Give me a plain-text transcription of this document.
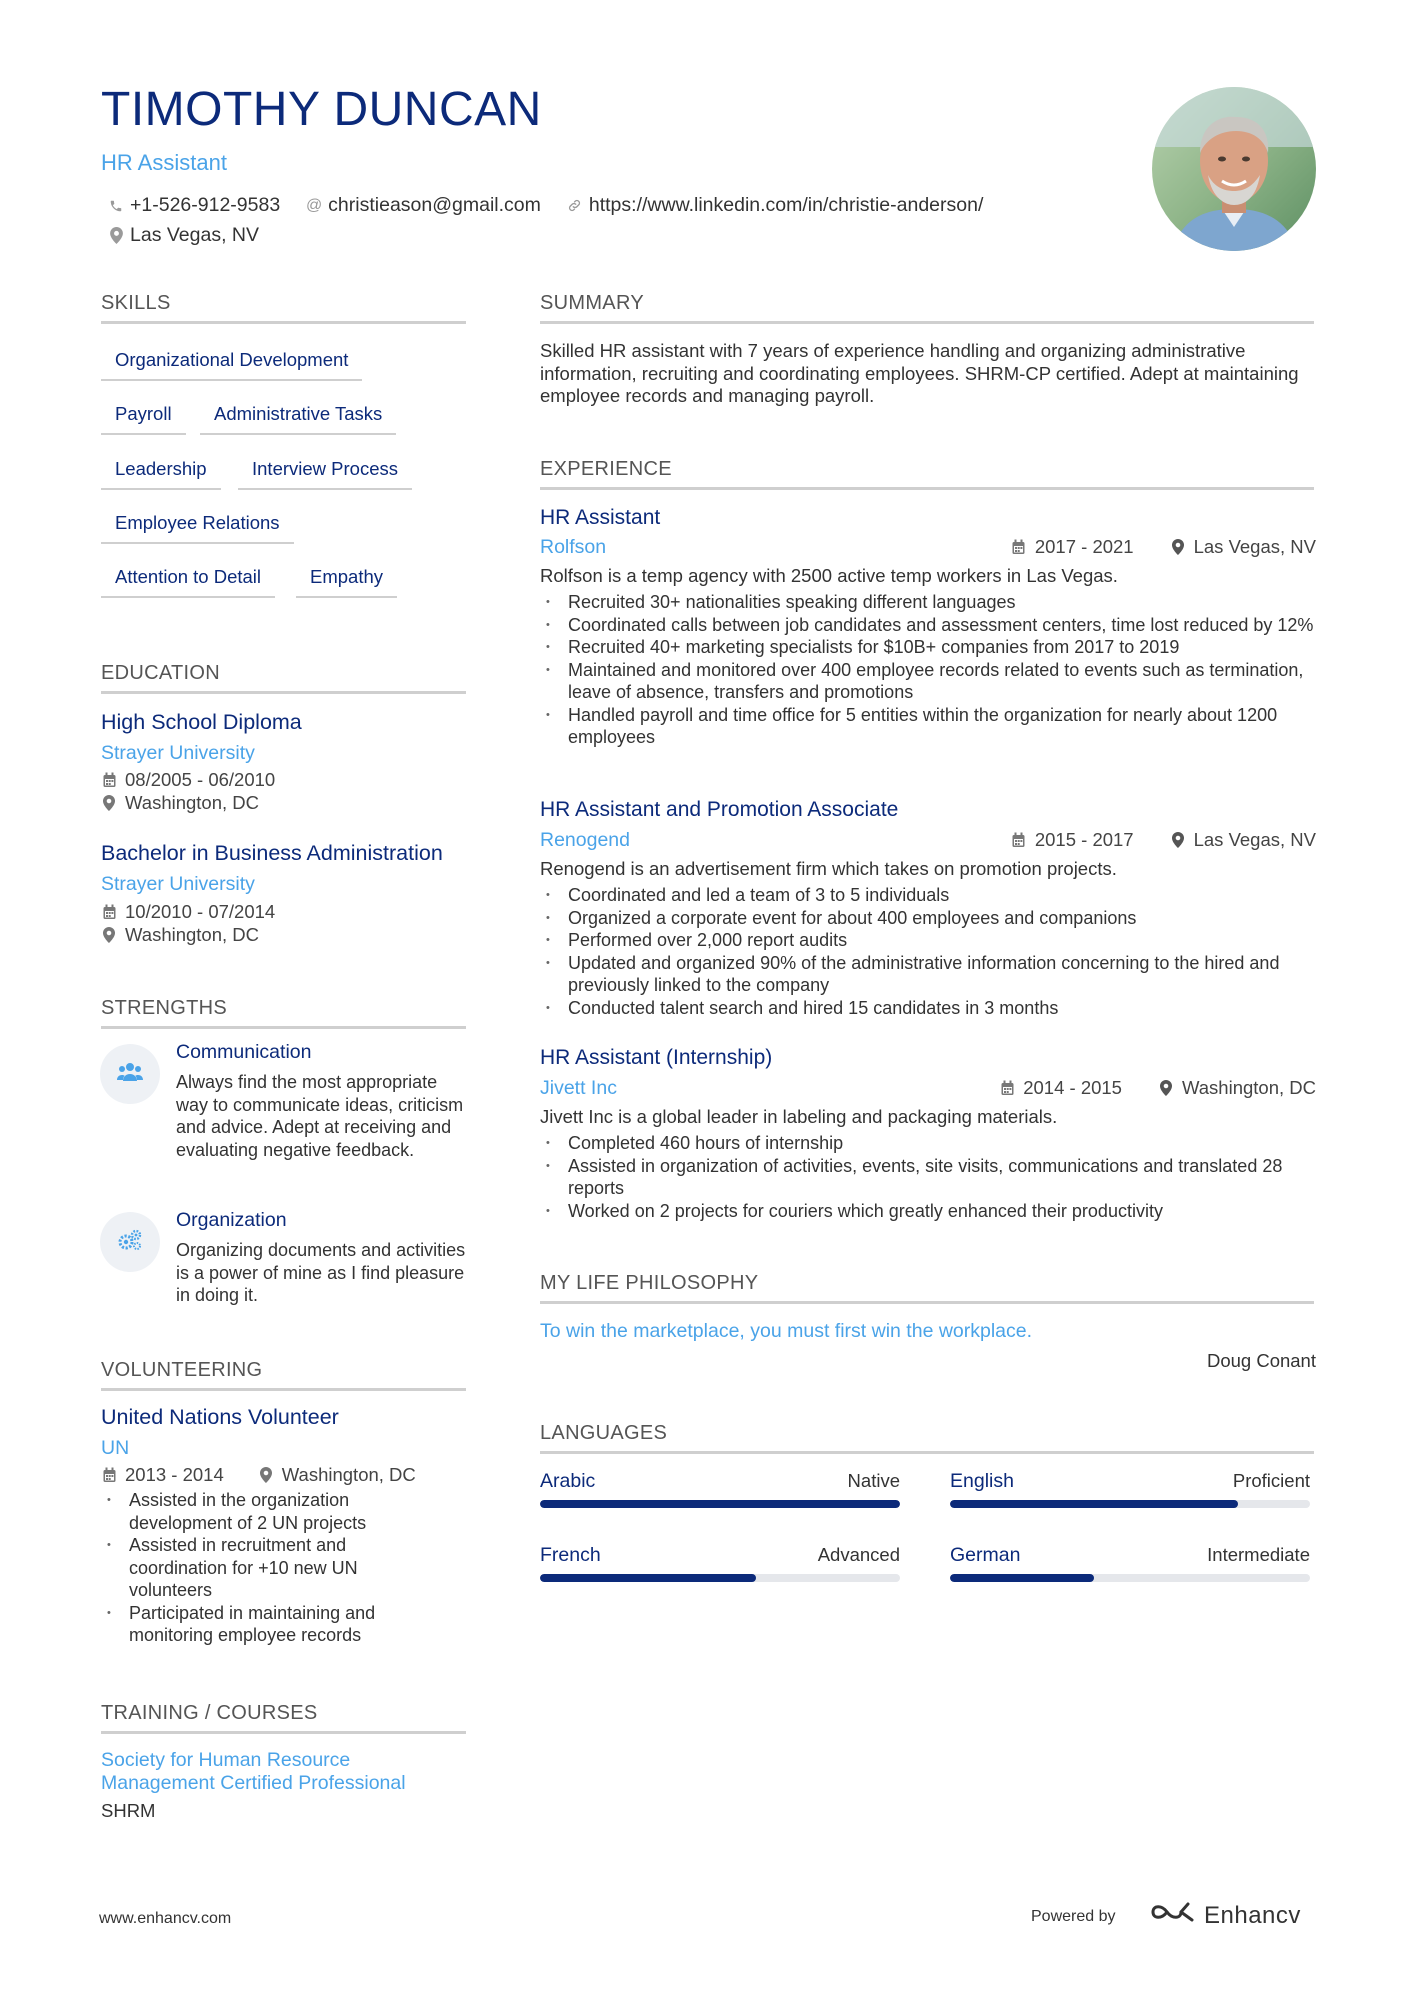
TIMOTHY DUNCAN
HR Assistant
+1-526-912-9583 @ christieason@gmail.com https://www.linkedin.com/in/christie-anderson/
Las Vegas, NV
SKILLS
Organizational Development
Payroll	Administrative Tasks
Leadership	Interview Process
Employee Relations
Attention to Detail	Empathy
EDUCATION
High School Diploma
Strayer University
08/2005 - 06/2010
Washington, DC
Bachelor in Business Administration
Strayer University
10/2010 - 07/2014
Washington, DC
STRENGTHS
Communication
Always find the most appropriate way to communicate ideas, criticism and advice. Adept at receiving and evaluating negative feedback.
Organization
Organizing documents and activities is a power of mine as I find pleasure in doing it.
VOLUNTEERING
United Nations Volunteer
UN
2013 - 2014	Washington, DC
• Assisted in the organization development of 2 UN projects
• Assisted in recruitment and coordination for +10 new UN volunteers
• Participated in maintaining and monitoring employee records
TRAINING / COURSES
Society for Human Resource Management Certified Professional
SHRM
SUMMARY
Skilled HR assistant with 7 years of experience handling and organizing administrative information, recruiting and coordinating employees. SHRM-CP certified. Adept at maintaining employee records and managing payroll.
EXPERIENCE
HR Assistant
Rolfson	2017 - 2021	Las Vegas, NV
Rolfson is a temp agency with 2500 active temp workers in Las Vegas.
• Recruited 30+ nationalities speaking different languages
• Coordinated calls between job candidates and assessment centers, time lost reduced by 12%
• Recruited 40+ marketing specialists for $10B+ companies from 2017 to 2019
• Maintained and monitored over 400 employee records related to events such as termination, leave of absence, transfers and promotions
• Handled payroll and time office for 5 entities within the organization for nearly about 1200 employees
HR Assistant and Promotion Associate
Renogend	2015 - 2017	Las Vegas, NV
Renogend is an advertisement firm which takes on promotion projects.
• Coordinated and led a team of 3 to 5 individuals
• Organized a corporate event for about 400 employees and companions
• Performed over 2,000 report audits
• Updated and organized 90% of the administrative information concerning to the hired and previously linked to the company
• Conducted talent search and hired 15 candidates in 3 months
HR Assistant (Internship)
Jivett Inc	2014 - 2015	Washington, DC
Jivett Inc is a global leader in labeling and packaging materials.
• Completed 460 hours of internship
• Assisted in organization of activities, events, site visits, communications and translated 28 reports
• Worked on 2 projects for couriers which greatly enhanced their productivity
MY LIFE PHILOSOPHY
To win the marketplace, you must first win the workplace.
Doug Conant
LANGUAGES
Arabic	Native	English	Proficient
French	Advanced	German	Intermediate
www.enhancv.com	Powered by	Enhancv
